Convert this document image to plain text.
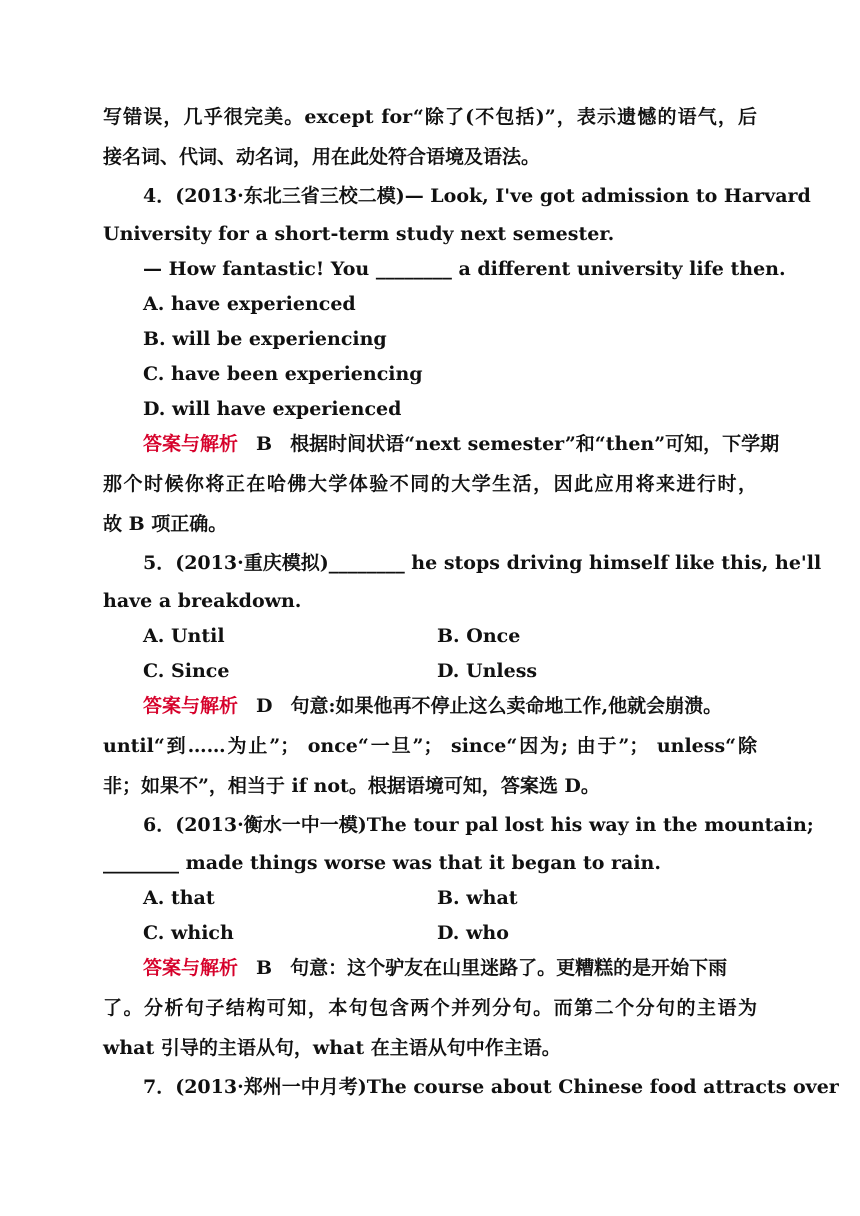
写错误，几乎很完美。except for“除了(不包括)”，表示遗憾的语气，后
接名词、代词、动名词，用在此处符合语境及语法。
4．(2013·东北三省三校二模)— Look, I've got admission to Harvard
University for a short-term study next semester.
— How fantastic! You ________ a different university life then.
A. have experienced
B. will be experiencing
C. have been experiencing
D. will have experienced
答案与解析 B 根据时间状语“next semester”和“then”可知，下学期
那个时候你将正在哈佛大学体验不同的大学生活，因此应用将来进行时，
故 B 项正确。
5．(2013·重庆模拟)________ he stops driving himself like this, he'll
have a breakdown.
A. Until	B. Once
C. Since	D. Unless
答案与解析 D 句意:如果他再不停止这么卖命地工作,他就会崩溃。
until“到……为止”； once“一旦”； since“因为; 由于”； unless“除
非；如果不”，相当于 if not。根据语境可知，答案选 D。
6．(2013·衡水一中一模)The tour pal lost his way in the mountain;
________ made things worse was that it began to rain.
A. that	B. what
C. which	D. who
答案与解析 B 句意：这个驴友在山里迷路了。更糟糕的是开始下雨
了。分析句子结构可知，本句包含两个并列分句。而第二个分句的主语为
what 引导的主语从句，what 在主语从句中作主语。
7．(2013·郑州一中月考)The course about Chinese food attracts over
